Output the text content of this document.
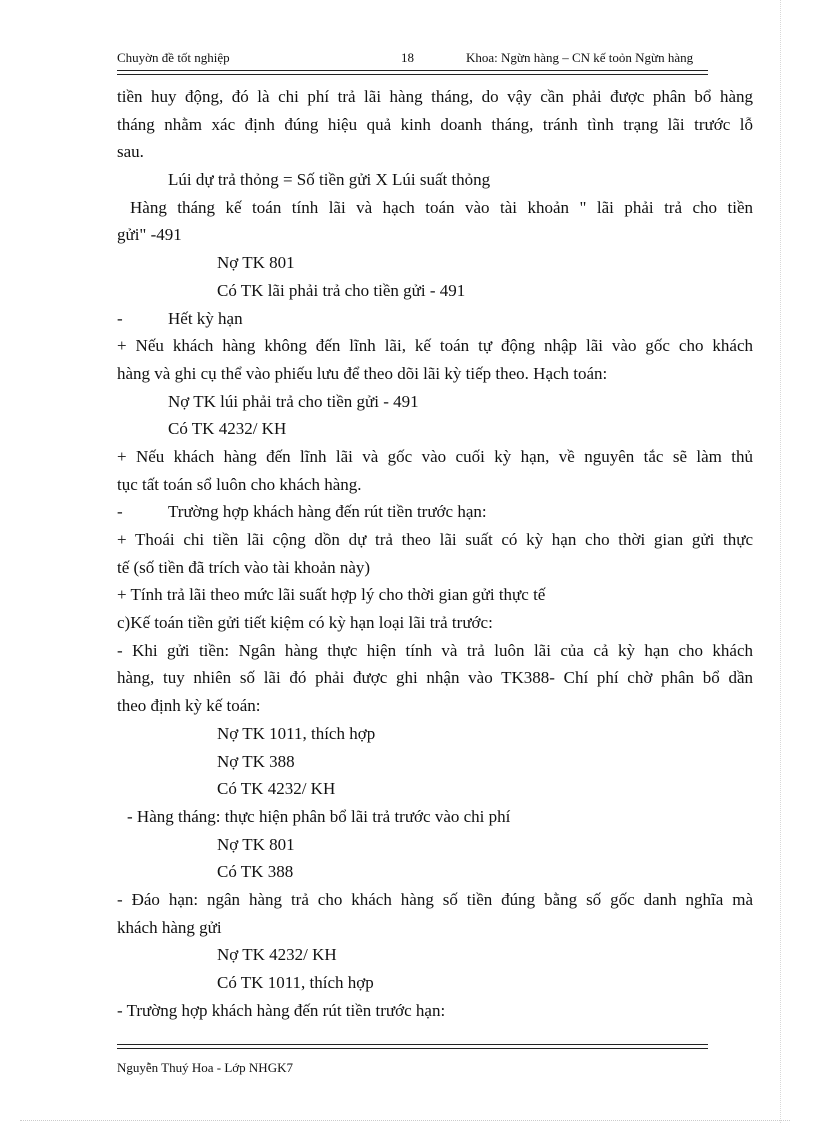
Chuyờn đề tốt nghiệp	18	Khoa: Ngừn hàng – CN kế toỏn Ngừn hàng
tiền huy động, đó là chi phí trả lãi hàng tháng, do vậy cần phải được phân bổ hàng
tháng nhằm xác định đúng hiệu quả kinh doanh tháng, tránh tình trạng lãi trước lỗ
sau.
Lúi dự trả thỏng = Số tiền gửi X Lúi suất thỏng
Hàng tháng kế toán tính lãi và hạch toán vào tài khoản " lãi phải trả cho tiền
gửi" -491
Nợ TK 801
Có TK lãi phải trả cho tiền gửi - 491
-	Hết kỳ hạn
+ Nếu khách hàng không đến lĩnh lãi, kế toán tự động nhập lãi vào gốc cho khách
hàng và ghi cụ thể vào phiếu lưu để theo dõi lãi kỳ tiếp theo. Hạch toán:
Nợ TK lúi phải trả cho tiền gửi - 491
Có TK 4232/ KH
+ Nếu khách hàng đến lĩnh lãi và gốc vào cuối kỳ hạn, về nguyên tắc sẽ làm thủ
tục tất toán sổ luôn cho khách hàng.
-	Trường hợp khách hàng đến rút tiền trước hạn:
+ Thoái chi tiền lãi cộng dồn dự trả theo lãi suất có kỳ hạn cho thời gian gửi thực
tế (số tiền đã trích vào tài khoản này)
+ Tính trả lãi theo mức lãi suất hợp lý cho thời gian gửi thực tế
c)Kế toán tiền gửi tiết kiệm có kỳ hạn loại lãi trả trước:
- Khi gửi tiền: Ngân hàng thực hiện tính và trả luôn lãi của cả kỳ hạn cho khách
hàng, tuy nhiên số lãi đó phải được ghi nhận vào TK388- Chí phí chờ phân bổ dần
theo định kỳ kế toán:
Nợ TK 1011, thích hợp
Nợ TK 388
Có TK 4232/ KH
- Hàng tháng: thực hiện phân bổ lãi trả trước vào chi phí
Nợ TK 801
Có TK 388
- Đáo hạn: ngân hàng trả cho khách hàng số tiền đúng bằng số gốc danh nghĩa mà
khách hàng gửi
Nợ TK 4232/ KH
Có TK 1011, thích hợp
- Trường hợp khách hàng đến rút tiền trước hạn:
Nguyễn Thuý Hoa - Lớp NHGK7
